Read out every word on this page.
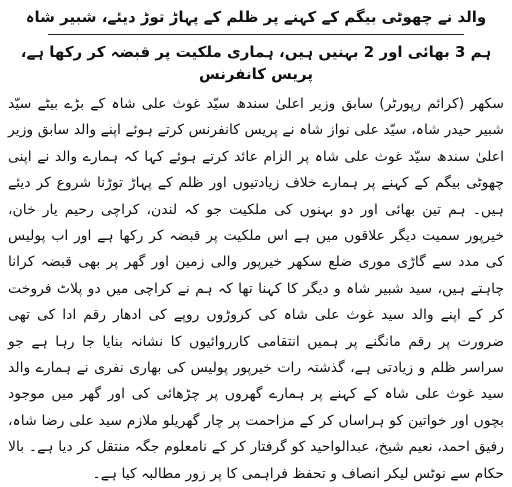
والد نے چھوٹی بیگم کے کہنے پر ظلم کے پہاڑ توڑ دیئے، شبیر شاہ
ہم 3 بھائی اور 2 بہنیں ہیں، ہماری ملکیت پر قبضہ کر رکھا ہے، پریس کانفرنس

سکھر (کرائم رپورٹر) سابق وزیر اعلیٰ سندھ سیّد غوث علی شاہ کے بڑے بیٹے سیّد شبیر حیدر شاہ، سیّد علی نواز شاہ نے پریس کانفرنس کرتے ہوئے اپنے والد سابق وزیر اعلیٰ سندھ سیّد غوث علی شاہ پر الزام عائد کرتے ہوئے کہا کہ ہمارے والد نے اپنی چھوٹی بیگم کے کہنے پر ہمارے خلاف زیادتیوں اور ظلم کے پہاڑ توڑنا شروع کر دیئے ہیں۔ ہم تین بھائی اور دو بہنوں کی ملکیت جو کہ لندن، کراچی رحیم یار خان، خیرپور سمیت دیگر علاقوں میں ہے اس ملکیت پر قبضہ کر رکھا ہے اور اب پولیس کی مدد سے گاڑی موری ضلع سکھر خیرپور والی زمین اور گھر پر بھی قبضہ کرانا چاہتے ہیں، سید شبیر شاہ و دیگر کا کہنا تھا کہ ہم نے کراچی میں دو پلاٹ فروخت کر کے اپنے والد سید غوث علی شاہ کی کروڑوں روپے کی ادھار رقم ادا کی تھی ضرورت پر رقم مانگنے پر ہمیں انتقامی کارروائیوں کا نشانہ بنایا جا رہا ہے جو سراسر ظلم و زیادتی ہے، گذشتہ رات خیرپور پولیس کی بھاری نفری نے ہمارے والد سید غوث علی شاہ کے کہنے پر ہمارے گھروں پر چڑھائی کی اور گھر میں موجود بچوں اور خواتین کو ہراساں کر کے مزاحمت پر چار گھریلو ملازم سید علی رضا شاہ، رفیق احمد، نعیم شیخ، عبدالواحید کو گرفتار کر کے نامعلوم جگہ منتقل کر دیا ہے۔ بالا حکام سے نوٹس لیکر انصاف و تحفظ فراہمی کا پر زور مطالبہ کیا ہے۔
